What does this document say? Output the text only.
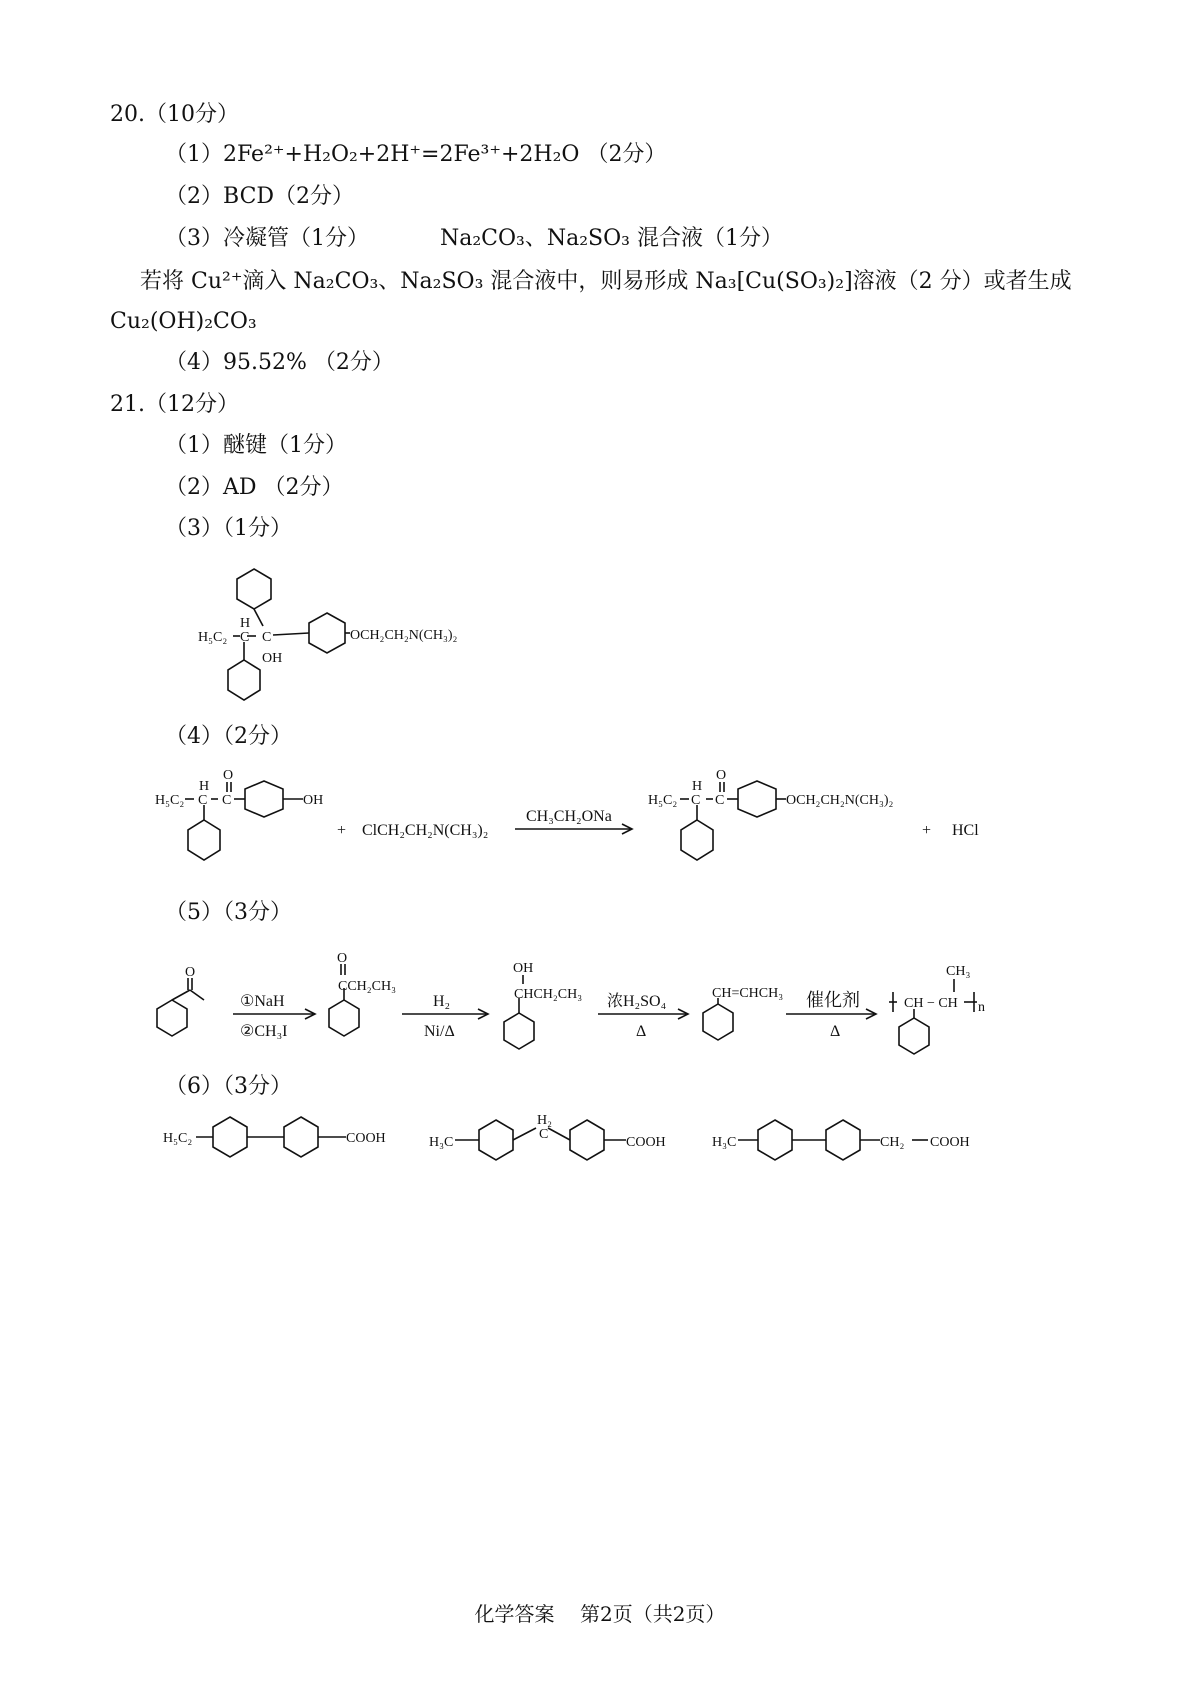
20.（10分）
（1）2Fe²⁺+H₂O₂+2H⁺=2Fe³⁺+2H₂O （2分）
（2）BCD（2分）
（3）冷凝管（1分）	Na₂CO₃、Na₂SO₃ 混合液（1分）
若将 Cu²⁺滴入 Na₂CO₃、Na₂SO₃ 混合液中，则易形成 Na₃[Cu(SO₃)₂]溶液（2 分）或者生成 Cu₂(OH)₂CO₃
（4）95.52% （2分）
21.（12分）
（1）醚键（1分）
（2）AD （2分）
（3）（1分）
（4）（2分）
（5）（3分）
（6）（3分）
H₅C₂
H
C C
OH
OCH₂CH₂N(CH₃)₂
H₅C₂
H
C C
O
OH
+ ClCH₂CH₂N(CH₃)₂
CH₃CH₂ONa
H₅C₂
H
C C
O
OCH₂CH₂N(CH₃)₂
+ HCl
O
①NaH
②CH₃I
O
CCH₂CH₃
H₂
Ni/Δ
OH
CHCH₂CH₃ 浓H₂SO₄
Δ
CH=CHCH₃ 催化剂
Δ
CH − CH n
CH₃
H₅C₂	COOH	H₃C
H₂
C
COOH	H₃C	CH₂ COOH
化学答案    第2页（共2页）
